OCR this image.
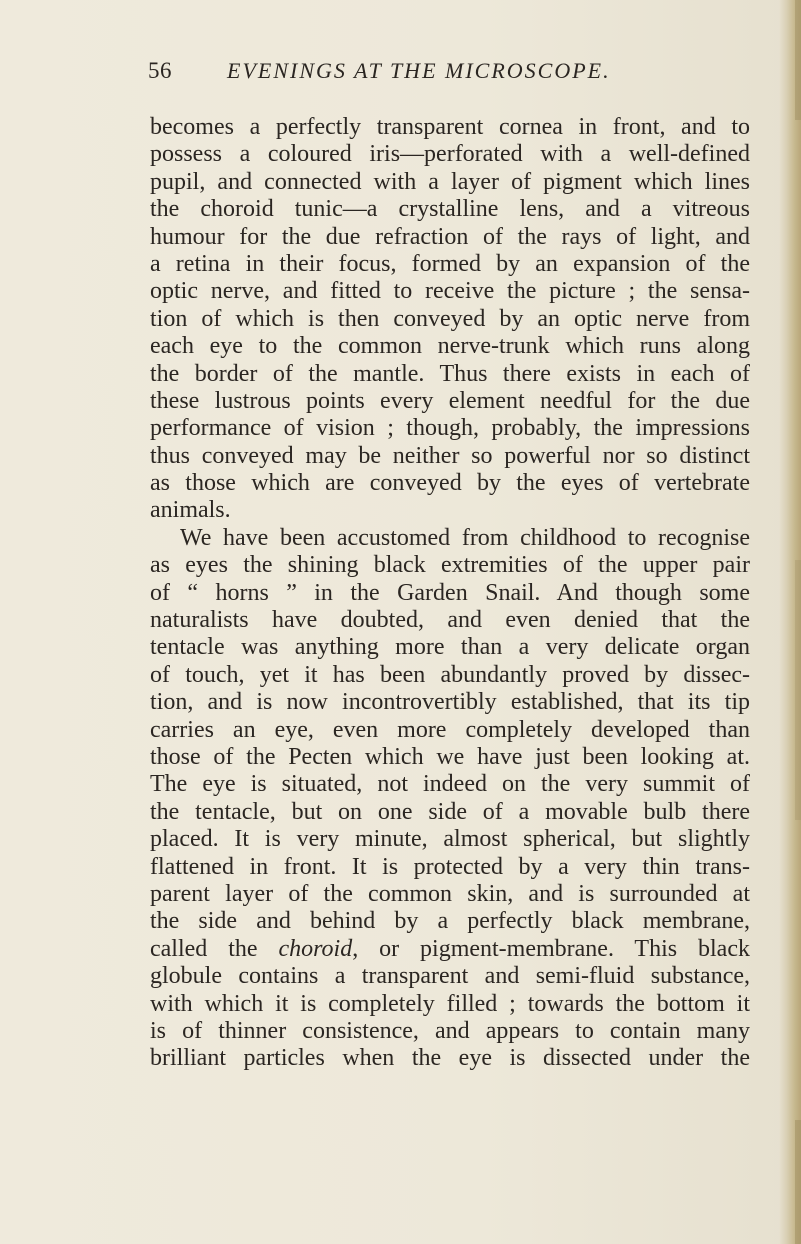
56	EVENINGS AT THE MICROSCOPE.
becomes a perfectly transparent cornea in front, and to
possess a coloured iris—perforated with a well-defined
pupil, and connected with a layer of pigment which lines
the choroid tunic—a crystalline lens, and a vitreous
humour for the due refraction of the rays of light, and
a retina in their focus, formed by an expansion of the
optic nerve, and fitted to receive the picture ; the sensa-
tion of which is then conveyed by an optic nerve from
each eye to the common nerve-trunk which runs along
the border of the mantle. Thus there exists in each of
these lustrous points every element needful for the due
performance of vision ; though, probably, the impressions
thus conveyed may be neither so powerful nor so distinct
as those which are conveyed by the eyes of vertebrate
animals.
We have been accustomed from childhood to recognise
as eyes the shining black extremities of the upper pair
of “ horns ” in the Garden Snail. And though some
naturalists have doubted, and even denied that the
tentacle was anything more than a very delicate organ
of touch, yet it has been abundantly proved by dissec-
tion, and is now incontrovertibly established, that its tip
carries an eye, even more completely developed than
those of the Pecten which we have just been looking at.
The eye is situated, not indeed on the very summit of
the tentacle, but on one side of a movable bulb there
placed. It is very minute, almost spherical, but slightly
flattened in front. It is protected by a very thin trans-
parent layer of the common skin, and is surrounded at
the side and behind by a perfectly black membrane,
called the choroid, or pigment-membrane. This black
globule contains a transparent and semi-fluid substance,
with which it is completely filled ; towards the bottom it
is of thinner consistence, and appears to contain many
brilliant particles when the eye is dissected under the
